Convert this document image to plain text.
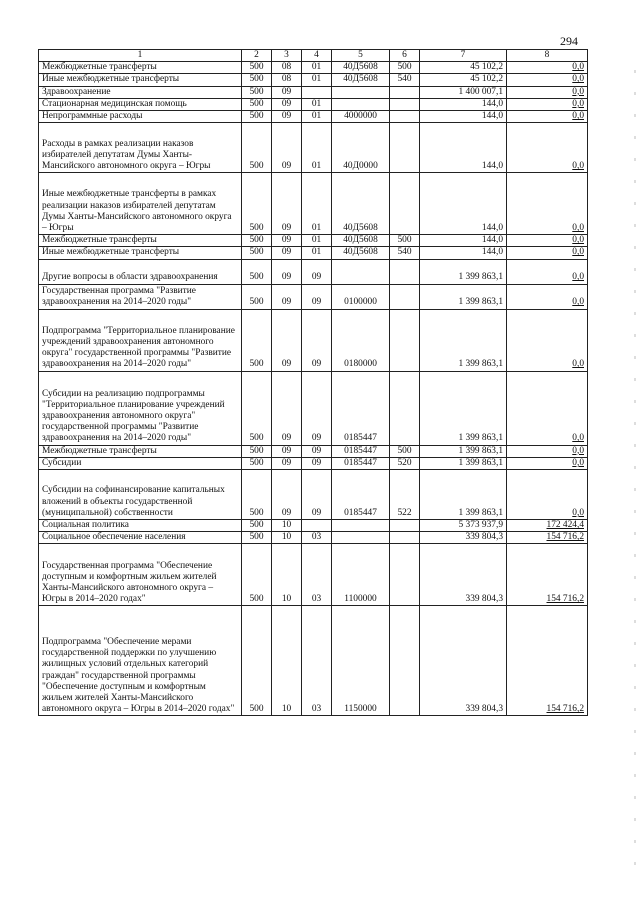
294
1	2	3	4	5	6	7	8
Межбюджетные трансферты	500	08	01	40Д5608	500	45 102,2	0,0
Иные межбюджетные трансферты	500	08	01	40Д5608	540	45 102,2	0,0
Здравоохранение	500	09				1 400 007,1	0,0
Стационарная медицинская помощь	500	09	01			144,0	0,0
Непрограммные расходы	500	09	01	4000000		144,0	0,0
Расходы в рамках реализации наказов избирателей депутатам Думы Ханты-Мансийского автономного округа – Югры	500	09	01	40Д0000		144,0	0,0
Иные межбюджетные трансферты в рамках реализации наказов избирателей депутатам Думы Ханты-Мансийского автономного округа – Югры	500	09	01	40Д5608		144,0	0,0
Межбюджетные трансферты	500	09	01	40Д5608	500	144,0	0,0
Иные межбюджетные трансферты	500	09	01	40Д5608	540	144,0	0,0
Другие вопросы в области здравоохранения	500	09	09			1 399 863,1	0,0
Государственная программа "Развитие здравоохранения на 2014–2020 годы"	500	09	09	0100000		1 399 863,1	0,0
Подпрограмма "Территориальное планирование учреждений здравоохранения автономного округа" государственной программы "Развитие здравоохранения на 2014–2020 годы"	500	09	09	0180000		1 399 863,1	0,0
Субсидии на реализацию подпрограммы "Территориальное планирование учреждений здравоохранения автономного округа" государственной программы "Развитие здравоохранения на 2014–2020 годы"	500	09	09	0185447		1 399 863,1	0,0
Межбюджетные трансферты	500	09	09	0185447	500	1 399 863,1	0,0
Субсидии	500	09	09	0185447	520	1 399 863,1	0,0
Субсидии на софинансирование капитальных вложений в объекты государственной (муниципальной) собственности	500	09	09	0185447	522	1 399 863,1	0,0
Социальная политика	500	10				5 373 937,9	172 424,4
Социальное обеспечение населения	500	10	03			339 804,3	154 716,2
Государственная программа "Обеспечение доступным и комфортным жильем жителей Ханты-Мансийского автономного округа – Югры в 2014–2020 годах"	500	10	03	1100000		339 804,3	154 716,2
Подпрограмма "Обеспечение мерами государственной поддержки по улучшению жилищных условий отдельных категорий граждан" государственной программы "Обеспечение доступным и комфортным жильем жителей Ханты-Мансийского автономного округа – Югры в 2014–2020 годах"	500	10	03	1150000		339 804,3	154 716,2
